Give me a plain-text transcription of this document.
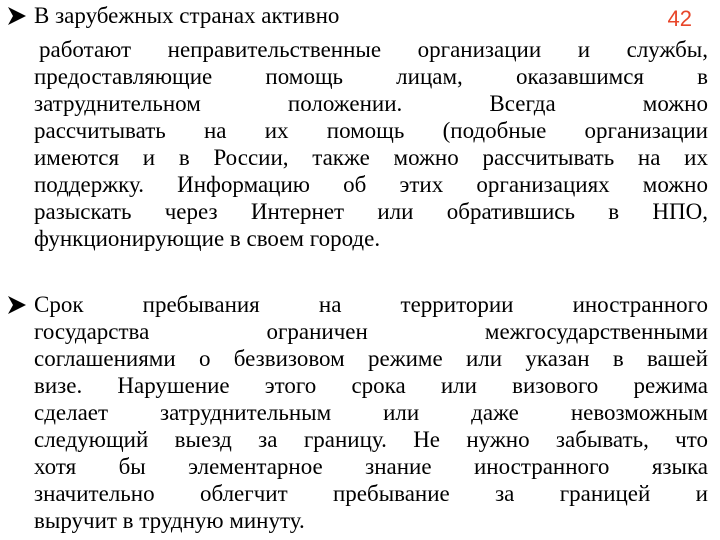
42
В зарубежных странах активно
работают неправительственные организации и службы,
предоставляющие помощь лицам, оказавшимся в
затруднительном положении. Всегда можно
рассчитывать на их помощь (подобные организации
имеются и в России, также можно рассчитывать на их
поддержку. Информацию об этих организациях можно
разыскать через Интернет или обратившись в НПО,
функционирующие в своем городе.
Срок пребывания на территории иностранного
государства ограничен межгосударственными
соглашениями о безвизовом режиме или указан в вашей
визе. Нарушение этого срока или визового режима
сделает затруднительным или даже невозможным
следующий выезд за границу. Не нужно забывать, что
хотя бы элементарное знание иностранного языка
значительно облегчит пребывание за границей и
выручит в трудную минуту.
